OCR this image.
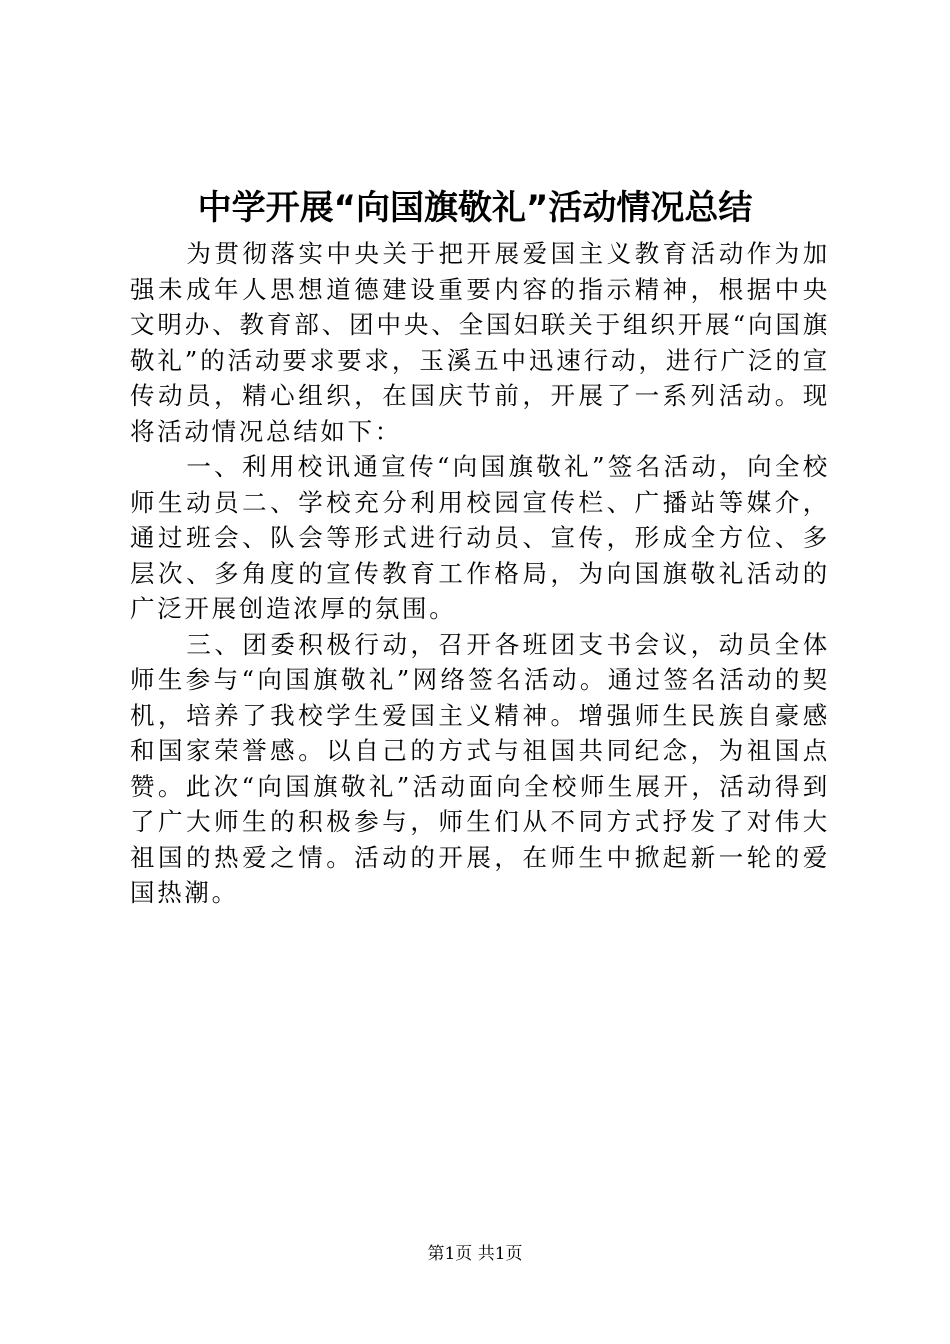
中学开展“向国旗敬礼”活动情况总结

为贯彻落实中央关于把开展爱国主义教育活动作为加强未成年人思想道德建设重要内容的指示精神，根据中央文明办、教育部、团中央、全国妇联关于组织开展“向国旗敬礼”的活动要求要求，玉溪五中迅速行动，进行广泛的宣传动员，精心组织，在国庆节前，开展了一系列活动。现将活动情况总结如下：

一、利用校讯通宣传“向国旗敬礼”签名活动，向全校师生动员二、学校充分利用校园宣传栏、广播站等媒介，通过班会、队会等形式进行动员、宣传，形成全方位、多层次、多角度的宣传教育工作格局，为向国旗敬礼活动的广泛开展创造浓厚的氛围。

三、团委积极行动，召开各班团支书会议，动员全体师生参与“向国旗敬礼”网络签名活动。通过签名活动的契机，培养了我校学生爱国主义精神。增强师生民族自豪感和国家荣誉感。以自己的方式与祖国共同纪念，为祖国点赞。此次“向国旗敬礼”活动面向全校师生展开，活动得到了广大师生的积极参与，师生们从不同方式抒发了对伟大祖国的热爱之情。活动的开展，在师生中掀起新一轮的爱国热潮。

第1页 共1页
